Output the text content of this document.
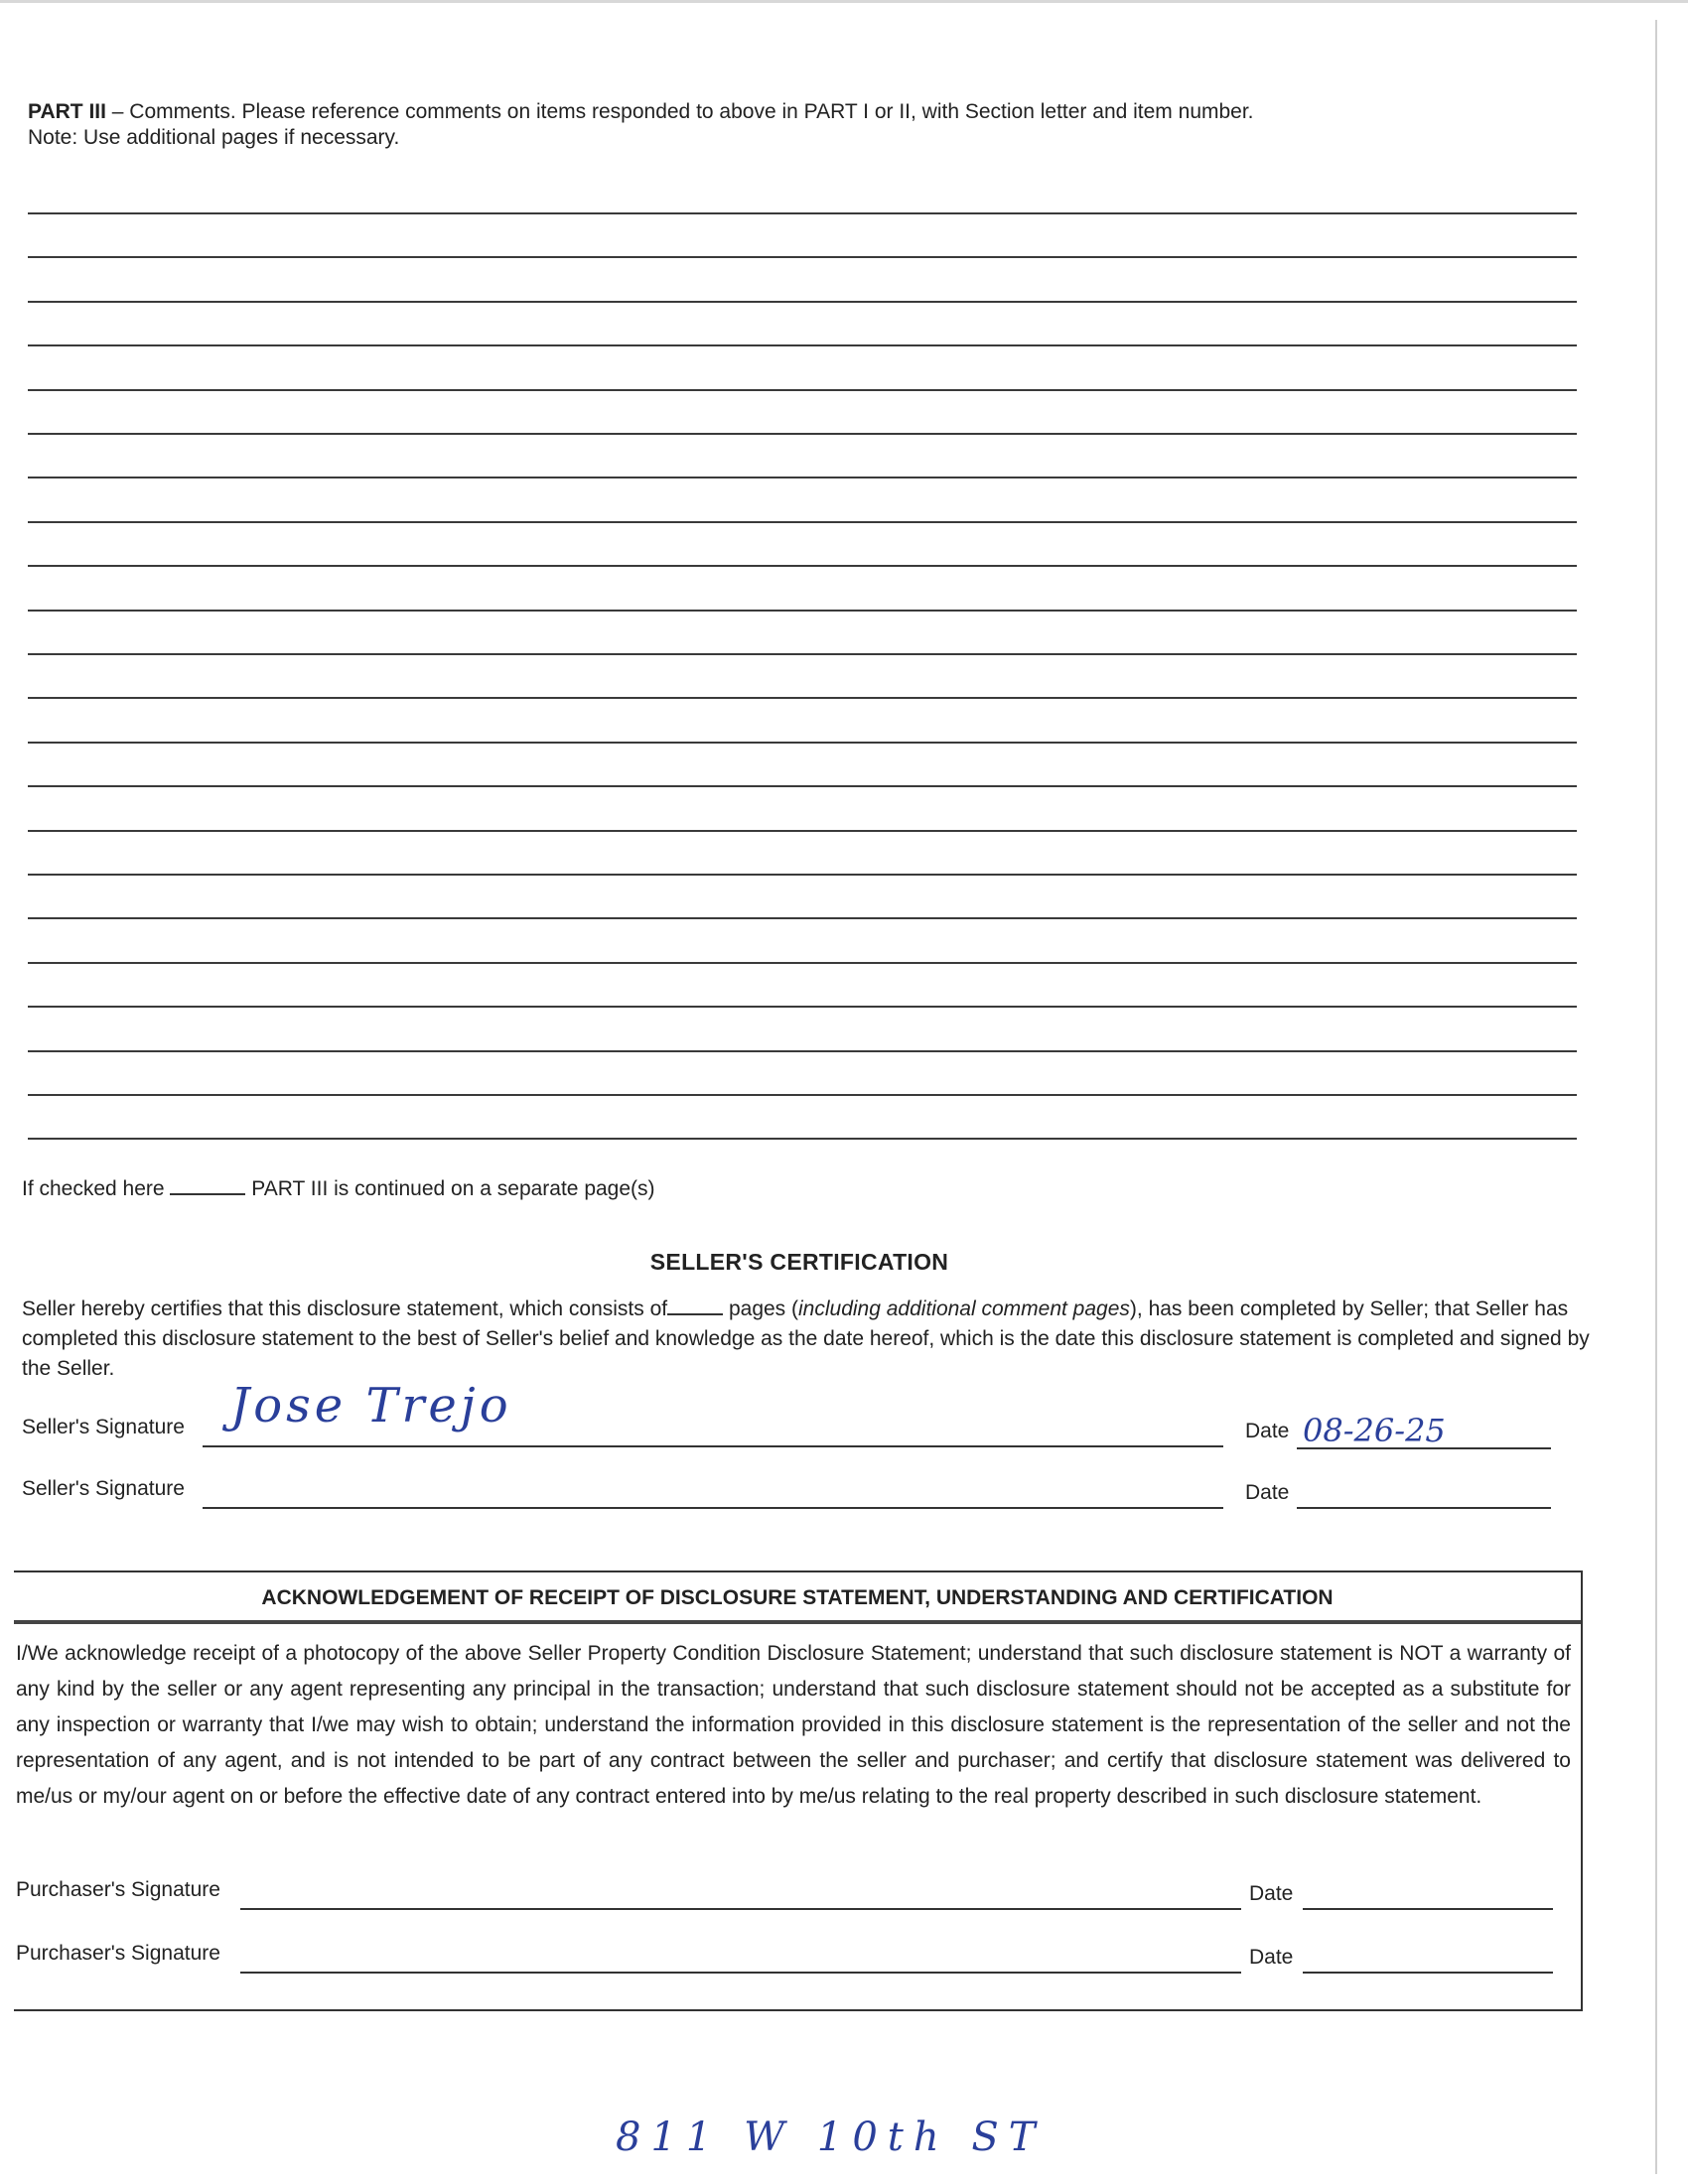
PART III – Comments. Please reference comments on items responded to above in PART I or II, with Section letter and item number.
Note: Use additional pages if necessary.
If checked here	PART III is continued on a separate page(s)
SELLER'S CERTIFICATION
Seller hereby certifies that this disclosure statement, which consists of	pages (including additional comment pages), has been completed by Seller; that Seller has completed this disclosure statement to the best of Seller's belief and knowledge as the date hereof, which is the date this disclosure statement is completed and signed by the Seller.
Seller's Signature Jose Trejo	Date 08-26-25
Seller's Signature	Date
ACKNOWLEDGEMENT OF RECEIPT OF DISCLOSURE STATEMENT, UNDERSTANDING AND CERTIFICATION
I/We acknowledge receipt of a photocopy of the above Seller Property Condition Disclosure Statement; understand that such disclosure statement is NOT a warranty of any kind by the seller or any agent representing any principal in the transaction; understand that such disclosure statement should not be accepted as a substitute for any inspection or warranty that I/we may wish to obtain; understand the information provided in this disclosure statement is the representation of the seller and not the representation of any agent, and is not intended to be part of any contract between the seller and purchaser; and certify that disclosure statement was delivered to me/us or my/our agent on or before the effective date of any contract entered into by me/us relating to the real property described in such disclosure statement.
Purchaser's Signature	Date
Purchaser's Signature	Date
811 W 10th ST
